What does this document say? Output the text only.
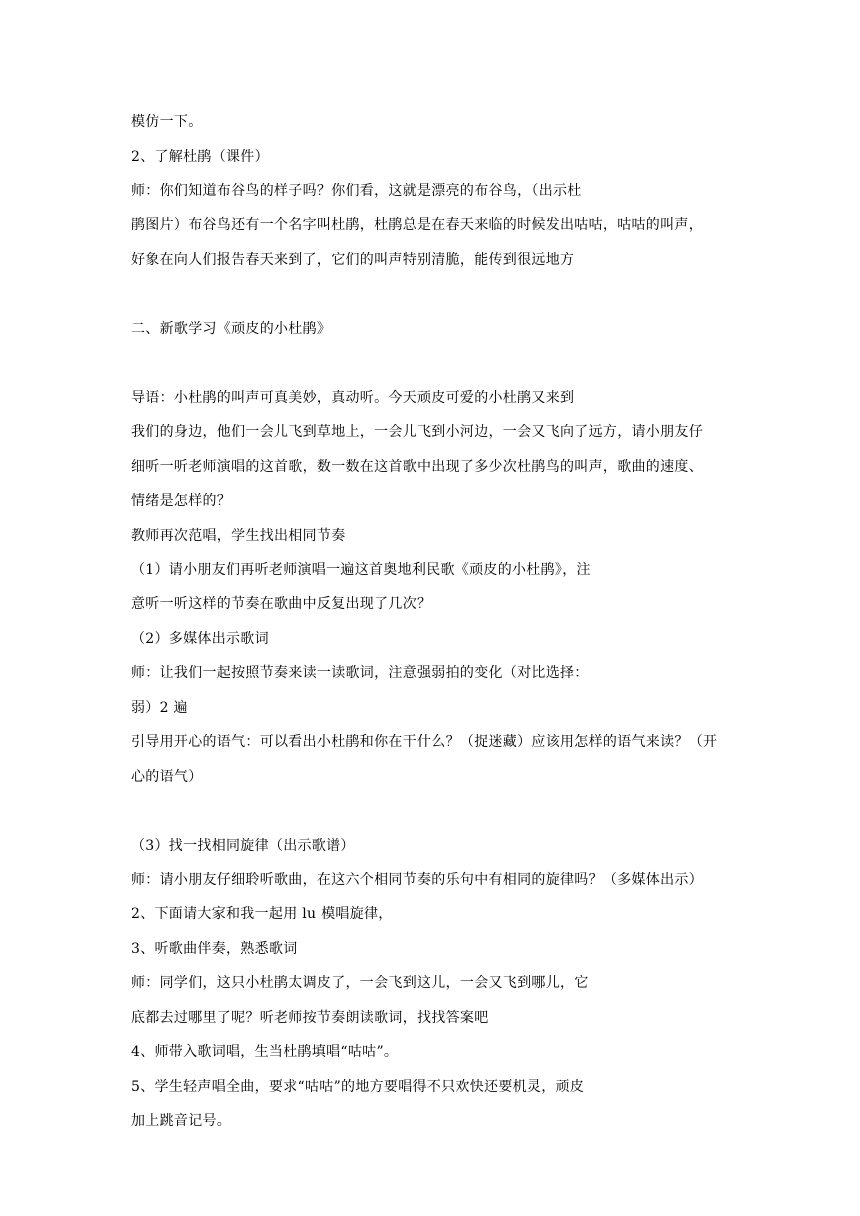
模仿一下。
2、了解杜鹃（课件）
师：你们知道布谷鸟的样子吗？你们看，这就是漂亮的布谷鸟，（出示杜
鹃图片）布谷鸟还有一个名字叫杜鹃，杜鹃总是在春天来临的时候发出咕咕，咕咕的叫声，
好象在向人们报告春天来到了，它们的叫声特别清脆，能传到很远地方
二、新歌学习《顽皮的小杜鹃》
导语：小杜鹃的叫声可真美妙，真动听。今天顽皮可爱的小杜鹃又来到
我们的身边，他们一会儿飞到草地上，一会儿飞到小河边，一会又飞向了远方，请小朋友仔
细听一听老师演唱的这首歌，数一数在这首歌中出现了多少次杜鹃鸟的叫声，歌曲的速度、
情绪是怎样的？
教师再次范唱，学生找出相同节奏
（1）请小朋友们再听老师演唱一遍这首奥地利民歌《顽皮的小杜鹃》，注
意听一听这样的节奏在歌曲中反复出现了几次？
（2）多媒体出示歌词
师：让我们一起按照节奏来读一读歌词，注意强弱拍的变化（对比选择：
弱）2 遍
引导用开心的语气：可以看出小杜鹃和你在干什么？（捉迷藏）应该用怎样的语气来读？（开
心的语气）
（3）找一找相同旋律（出示歌谱）
师：请小朋友仔细聆听歌曲，在这六个相同节奏的乐句中有相同的旋律吗？（多媒体出示）
2、下面请大家和我一起用 lu 模唱旋律，
3、听歌曲伴奏，熟悉歌词
师：同学们，这只小杜鹃太调皮了，一会飞到这儿，一会又飞到哪儿，它
底都去过哪里了呢？听老师按节奏朗读歌词，找找答案吧
4、师带入歌词唱，生当杜鹃填唱“咕咕”。
5、学生轻声唱全曲，要求“咕咕”的地方要唱得不只欢快还要机灵，顽皮
加上跳音记号。
